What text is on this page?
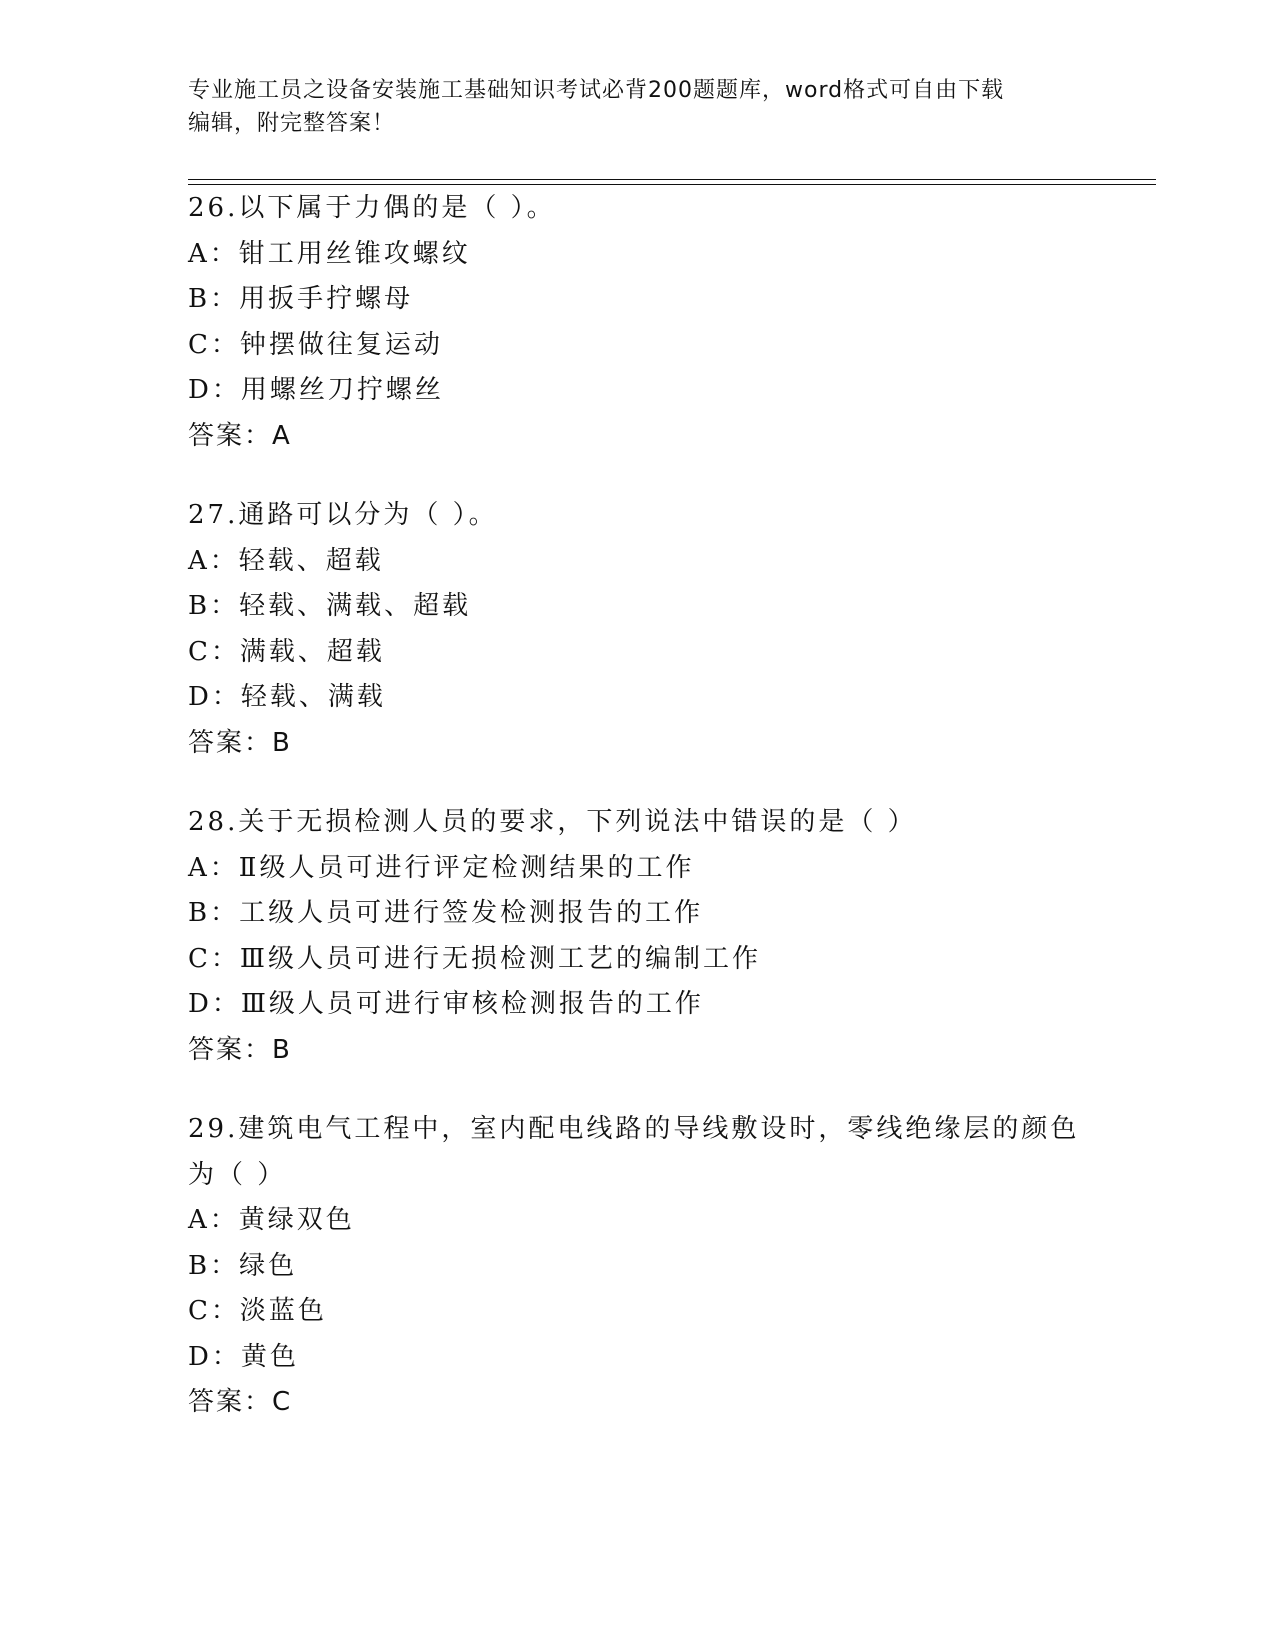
专业施工员之设备安装施工基础知识考试必背200题题库，word格式可自由下载

编辑，附完整答案！

26.以下属于力偶的是（ ）。
A：钳工用丝锥攻螺纹
B：用扳手拧螺母
C：钟摆做往复运动
D：用螺丝刀拧螺丝
答案：A
27.通路可以分为（ ）。
A：轻载、超载
B：轻载、满载、超载
C：满载、超载
D：轻载、满载
答案：B
28.关于无损检测人员的要求，下列说法中错误的是（ ）
A：Ⅱ级人员可进行评定检测结果的工作
B：工级人员可进行签发检测报告的工作
C：Ⅲ级人员可进行无损检测工艺的编制工作
D：Ⅲ级人员可进行审核检测报告的工作
答案：B
29.建筑电气工程中，室内配电线路的导线敷设时，零线绝缘层的颜色
为（ ）
A：黄绿双色
B：绿色
C：淡蓝色
D：黄色
答案：C
